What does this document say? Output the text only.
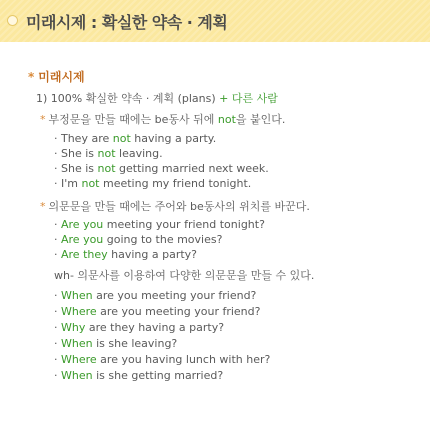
미래시제 : 확실한 약속 · 계획
* 미래시제
1) 100% 확실한 약속 · 계획 (plans) + 다른 사람
* 부정문을 만들 때에는 be동사 뒤에 not을 붙인다.
· They are not having a party.
· She is not leaving.
· She is not getting married next week.
· I'm not meeting my friend tonight.
* 의문문을 만들 때에는 주어와 be동사의 위치를 바꾼다.
· Are you meeting your friend tonight?
· Are you going to the movies?
· Are they having a party?
wh- 의문사를 이용하여 다양한 의문문을 만들 수 있다.
· When are you meeting your friend?
· Where are you meeting your friend?
· Why are they having a party?
· When is she leaving?
· Where are you having lunch with her?
· When is she getting married?
